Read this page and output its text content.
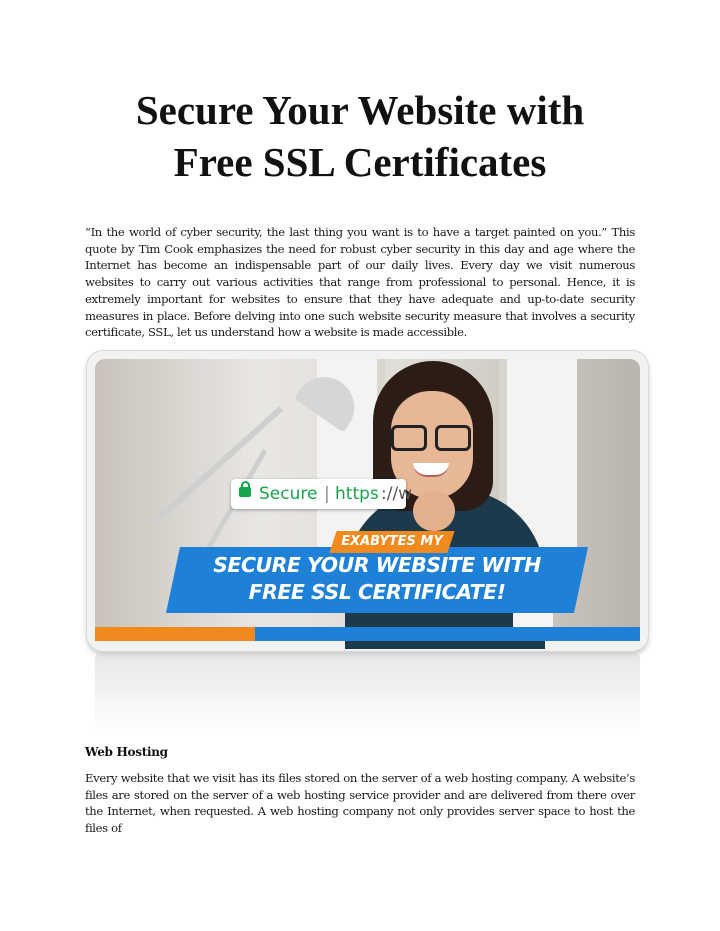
Secure Your Website with
Free SSL Certificates

“In the world of cyber security, the last thing you want is to have a target painted on you.” This quote by Tim Cook emphasizes the need for robust cyber security in this day and age where the Internet has become an indispensable part of our daily lives. Every day we visit numerous websites to carry out various activities that range from professional to personal. Hence, it is extremely important for websites to ensure that they have adequate and up-to-date security measures in place. Before delving into one such website security measure that involves a security certificate, SSL, let us understand how a website is made accessible.

Secure | https ://w
EXABYTES MY
SECURE YOUR WEBSITE WITH
FREE SSL CERTIFICATE!
Web Hosting

Every website that we visit has its files stored on the server of a web hosting company. A website’s files are stored on the server of a web hosting service provider and are delivered from there over the Internet, when requested. A web hosting company not only provides server space to host the files of
